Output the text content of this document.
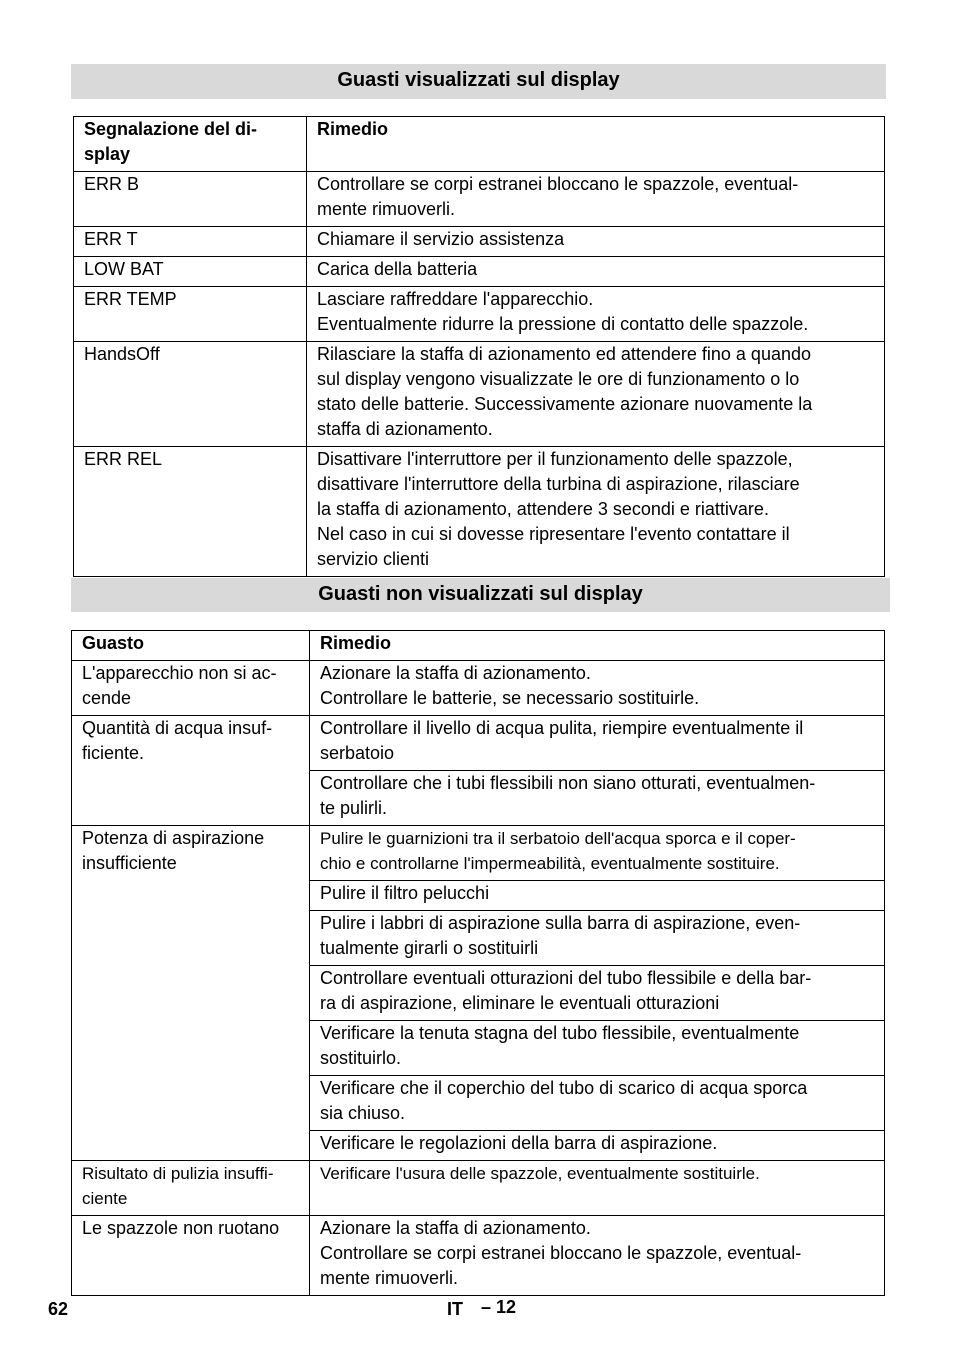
Guasti visualizzati sul display
Segnalazione del di-
splay	Rimedio
ERR B	Controllare se corpi estranei bloccano le spazzole, eventual-
mente rimuoverli.
ERR T	Chiamare il servizio assistenza
LOW BAT	Carica della batteria
ERR TEMP	Lasciare raffreddare l'apparecchio.
Eventualmente ridurre la pressione di contatto delle spazzole.
HandsOff	Rilasciare la staffa di azionamento ed attendere fino a quando
sul display vengono visualizzate le ore di funzionamento o lo
stato delle batterie. Successivamente azionare nuovamente la
staffa di azionamento.
ERR REL	Disattivare l'interruttore per il funzionamento delle spazzole,
disattivare l'interruttore della turbina di aspirazione, rilasciare
la staffa di azionamento, attendere 3 secondi e riattivare.
Nel caso in cui si dovesse ripresentare l'evento contattare il
servizio clienti
Guasti non visualizzati sul display
Guasto	Rimedio
L'apparecchio non si ac-
cende	Azionare la staffa di azionamento.
Controllare le batterie, se necessario sostituirle.
Quantità di acqua insuf-
ficiente.	Controllare il livello di acqua pulita, riempire eventualmente il
serbatoio
	Controllare che i tubi flessibili non siano otturati, eventualmen-
te pulirli.
Potenza di aspirazione
insufficiente	Pulire le guarnizioni tra il serbatoio dell'acqua sporca e il coper-
chio e controllarne l'impermeabilità, eventualmente sostituire.
	Pulire il filtro pelucchi
	Pulire i labbri di aspirazione sulla barra di aspirazione, even-
tualmente girarli o sostituirli
	Controllare eventuali otturazioni del tubo flessibile e della bar-
ra di aspirazione, eliminare le eventuali otturazioni
	Verificare la tenuta stagna del tubo flessibile, eventualmente
sostituirlo.
	Verificare che il coperchio del tubo di scarico di acqua sporca
sia chiuso.
	Verificare le regolazioni della barra di aspirazione.
Risultato di pulizia insuffi-
ciente	Verificare l'usura delle spazzole, eventualmente sostituirle.
Le spazzole non ruotano	Azionare la staffa di azionamento.
Controllare se corpi estranei bloccano le spazzole, eventual-
mente rimuoverli.
62	IT – 12
